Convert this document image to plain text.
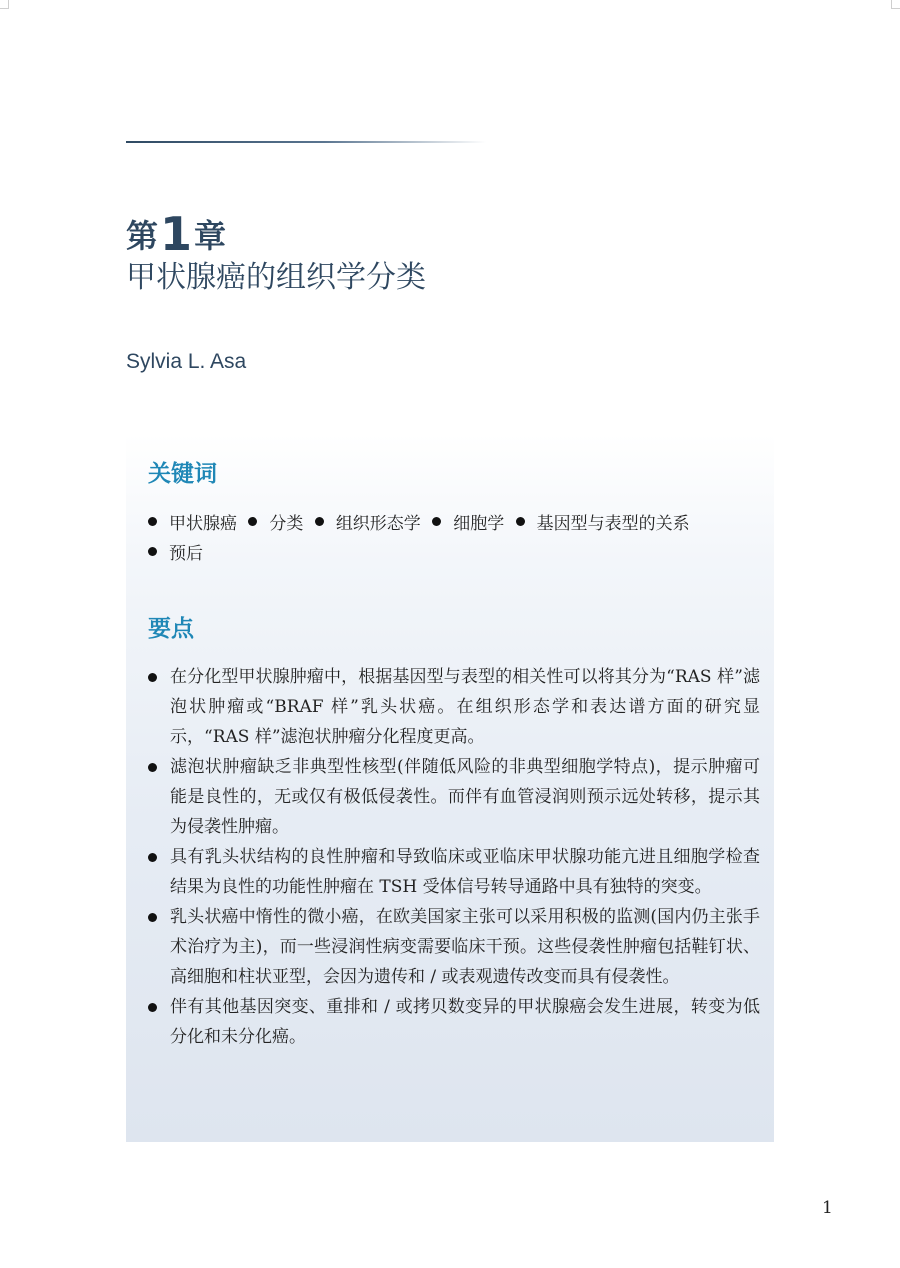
第1章
甲状腺癌的组织学分类
Sylvia L. Asa
关键词
甲状腺癌 分类 组织形态学 细胞学 基因型与表型的关系
预后
要点
在分化型甲状腺肿瘤中，根据基因型与表型的相关性可以将其分为“RAS 样”滤泡状肿瘤或“BRAF 样”乳头状癌。在组织形态学和表达谱方面的研究显示，“RAS 样”滤泡状肿瘤分化程度更高。
滤泡状肿瘤缺乏非典型性核型(伴随低风险的非典型细胞学特点)，提示肿瘤可能是良性的，无或仅有极低侵袭性。而伴有血管浸润则预示远处转移，提示其为侵袭性肿瘤。
具有乳头状结构的良性肿瘤和导致临床或亚临床甲状腺功能亢进且细胞学检查结果为良性的功能性肿瘤在 TSH 受体信号转导通路中具有独特的突变。
乳头状癌中惰性的微小癌，在欧美国家主张可以采用积极的监测(国内仍主张手术治疗为主)，而一些浸润性病变需要临床干预。这些侵袭性肿瘤包括鞋钉状、高细胞和柱状亚型，会因为遗传和 / 或表观遗传改变而具有侵袭性。
伴有其他基因突变、重排和 / 或拷贝数变异的甲状腺癌会发生进展，转变为低分化和未分化癌。
1
